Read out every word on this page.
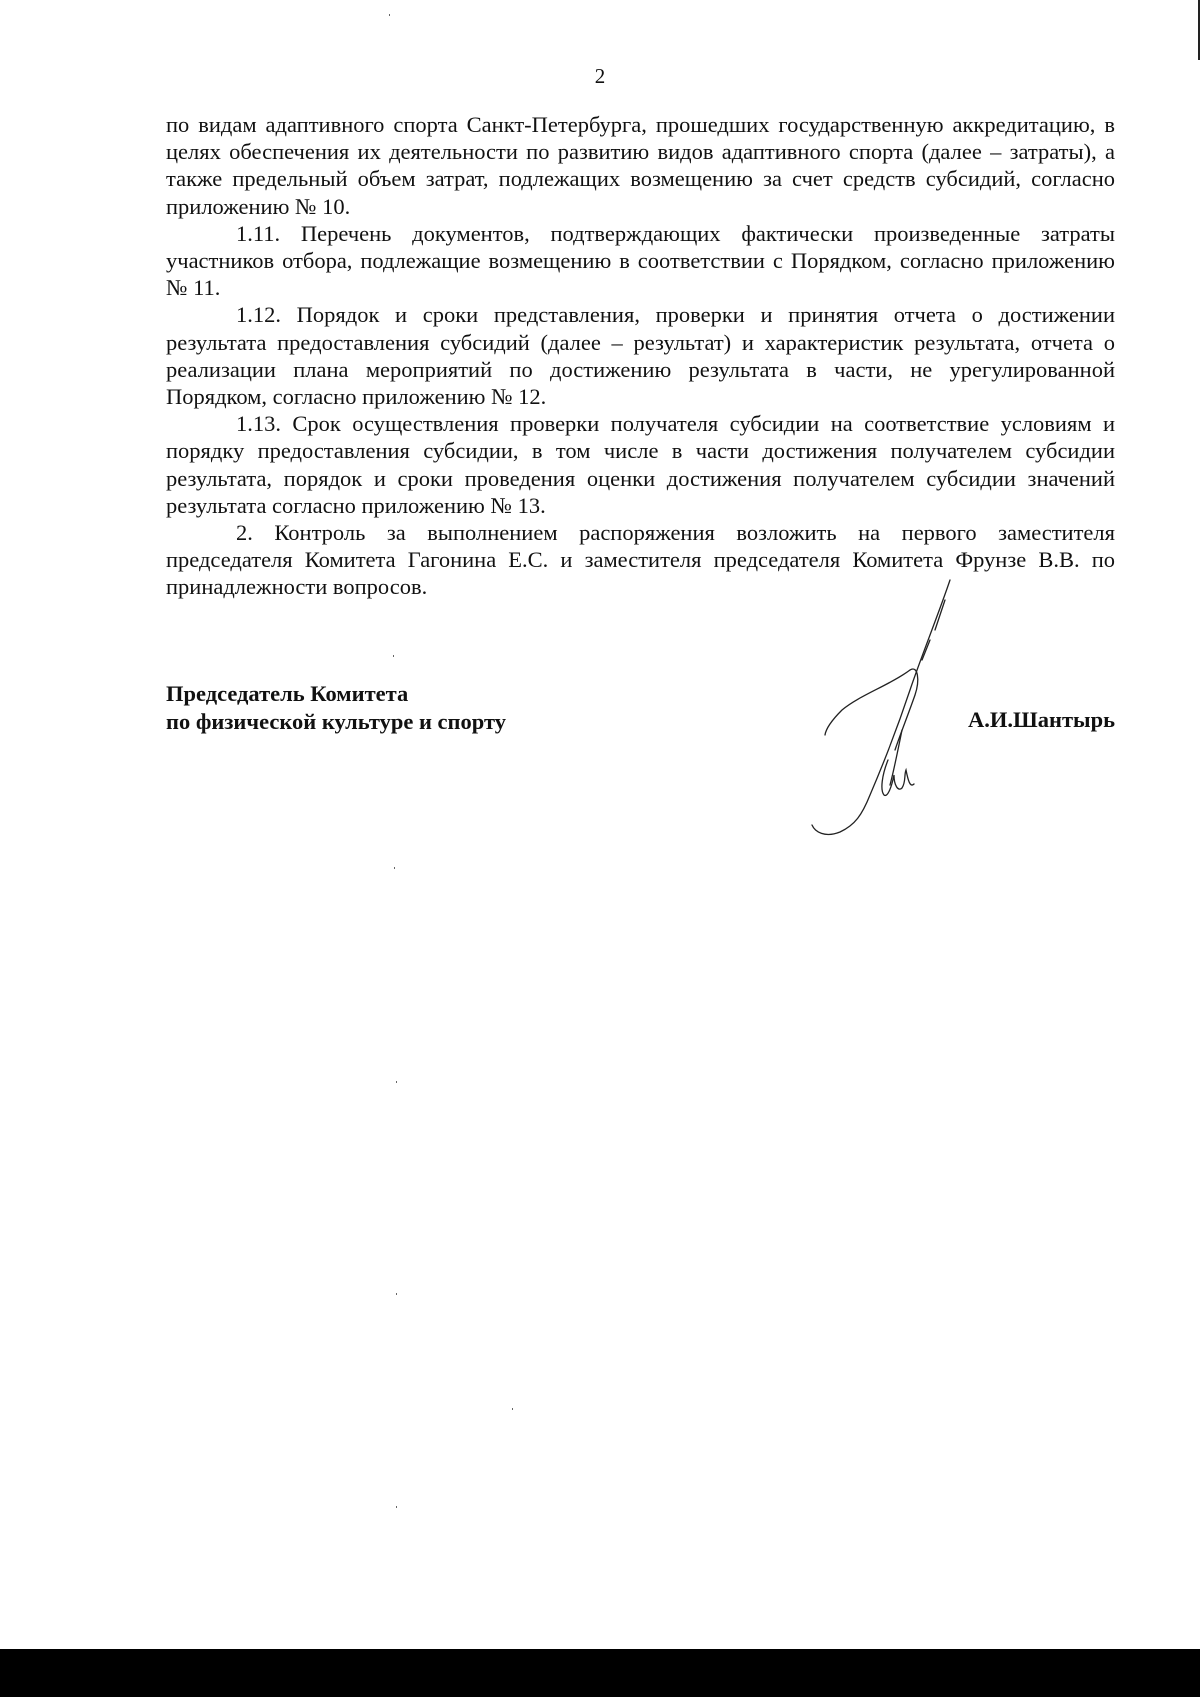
2

по видам адаптивного спорта Санкт-Петербурга, прошедших государственную аккредитацию, в целях обеспечения их деятельности по развитию видов адаптивного спорта (далее – затраты), а также предельный объем затрат, подлежащих возмещению за счет средств субсидий, согласно приложению № 10.

1.11. Перечень документов, подтверждающих фактически произведенные затраты участников отбора, подлежащие возмещению в соответствии с Порядком, согласно приложению № 11.

1.12. Порядок и сроки представления, проверки и принятия отчета о достижении результата предоставления субсидий (далее – результат) и характеристик результата, отчета о реализации плана мероприятий по достижению результата в части, не урегулированной Порядком, согласно приложению № 12.

1.13. Срок осуществления проверки получателя субсидии на соответствие условиям и порядку предоставления субсидии, в том числе в части достижения получателем субсидии результата, порядок и сроки проведения оценки достижения получателем субсидии значений результата согласно приложению № 13.

2. Контроль за выполнением распоряжения возложить на первого заместителя председателя Комитета Гагонина Е.С. и заместителя председателя Комитета Фрунзе В.В. по принадлежности вопросов.

Председатель Комитета
по физической культуре и спорту	А.И.Шантырь
